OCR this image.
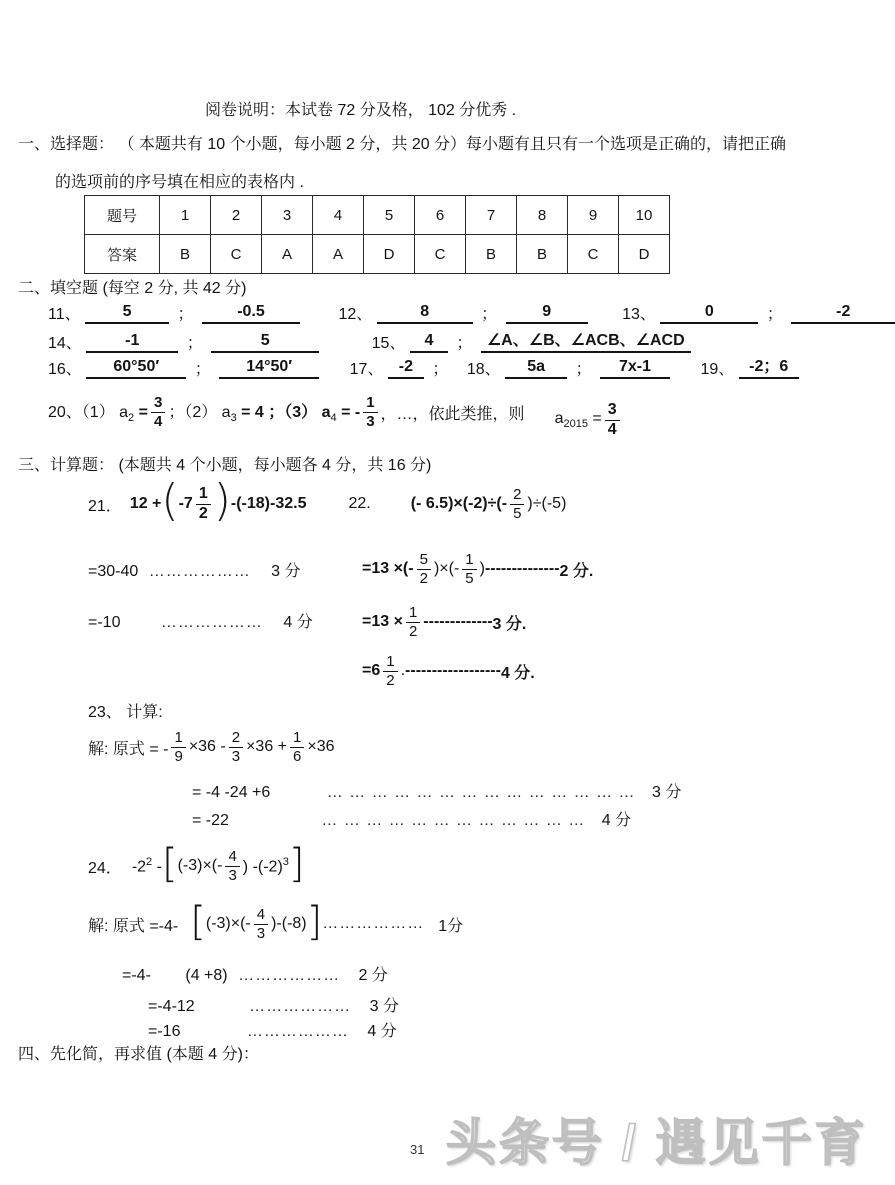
阅卷说明：本试卷 72 分及格， 102 分优秀 .
一、选择题： （ 本题共有 10 个小题，每小题 2 分，共 20 分）每小题有且只有一个选项是正确的，请把正确
的选项前的序号填在相应的表格内 .
题号	1	2	3	4	5	6	7	8	9	10
答案	B	C	A	A	D	C	B	B	C	D
二、填空题 (每空 2 分, 共 42 分)
11、	5	；	-0.5	12、	8	；	9	13、	0	；	-2
14、	-1	；	5	15、 4 ； ∠A、∠B、∠ACB、∠ACD
16、 60°50′ ； 14°50′	17、 -2 ； 18、 5a ； 7x-1	19、 -2；6
20、（1） $a_2 = \frac{3}{4}$ ；（2） $a_3 = 4$ ；（3） $a_4$ = - $\frac{1}{3}$ ，…，依此类推，则 $a_{2015} = \frac{3}{4}$
三、计算题： (本题共 4 个小题，每小题各 4 分，共 16 分)
21． 12 + ( $-7 \frac{1}{2}$ ) -(-18)-32.5	22.	(- $6.5)\times(-2)\div(- \frac{2}{5} )\div(-5)$
=30-40 ……………… 3 分
=-10	……………… 4 分
=13 ×(- $\frac{5}{2}$ )×(- $\frac{1}{5}$ ) -------------- 2 分.
$=13 \times \frac{1}{2}$ ------------- 3 分.
$=6 \frac{1}{2}$ . ------------------ 4 分.
23、 计算:
解: 原式 = - $\frac{1}{9} \times 36 - \frac{2}{3} \times 36 + \frac{1}{6} \times 36$
= -4 -24 +6	… … … … … … … … … … … … … … 3 分
= -22	… … … … … … … … … … … … 4 分
24． $-2^2$ - [ $(-3)\times(- \frac{4}{3}$ ) $-(-2)^3$ ]
解: 原式 =-4- [ $(-3)\times(- \frac{4}{3} )-(-8)$ ] ……………… 1分
=-4- (4 +8) ……………… 2 分
=-4-12	……………… 3 分
=-16	……………… 4 分
四、先化简，再求值 (本题 4 分)：
31 头条号 / 遇见千育
